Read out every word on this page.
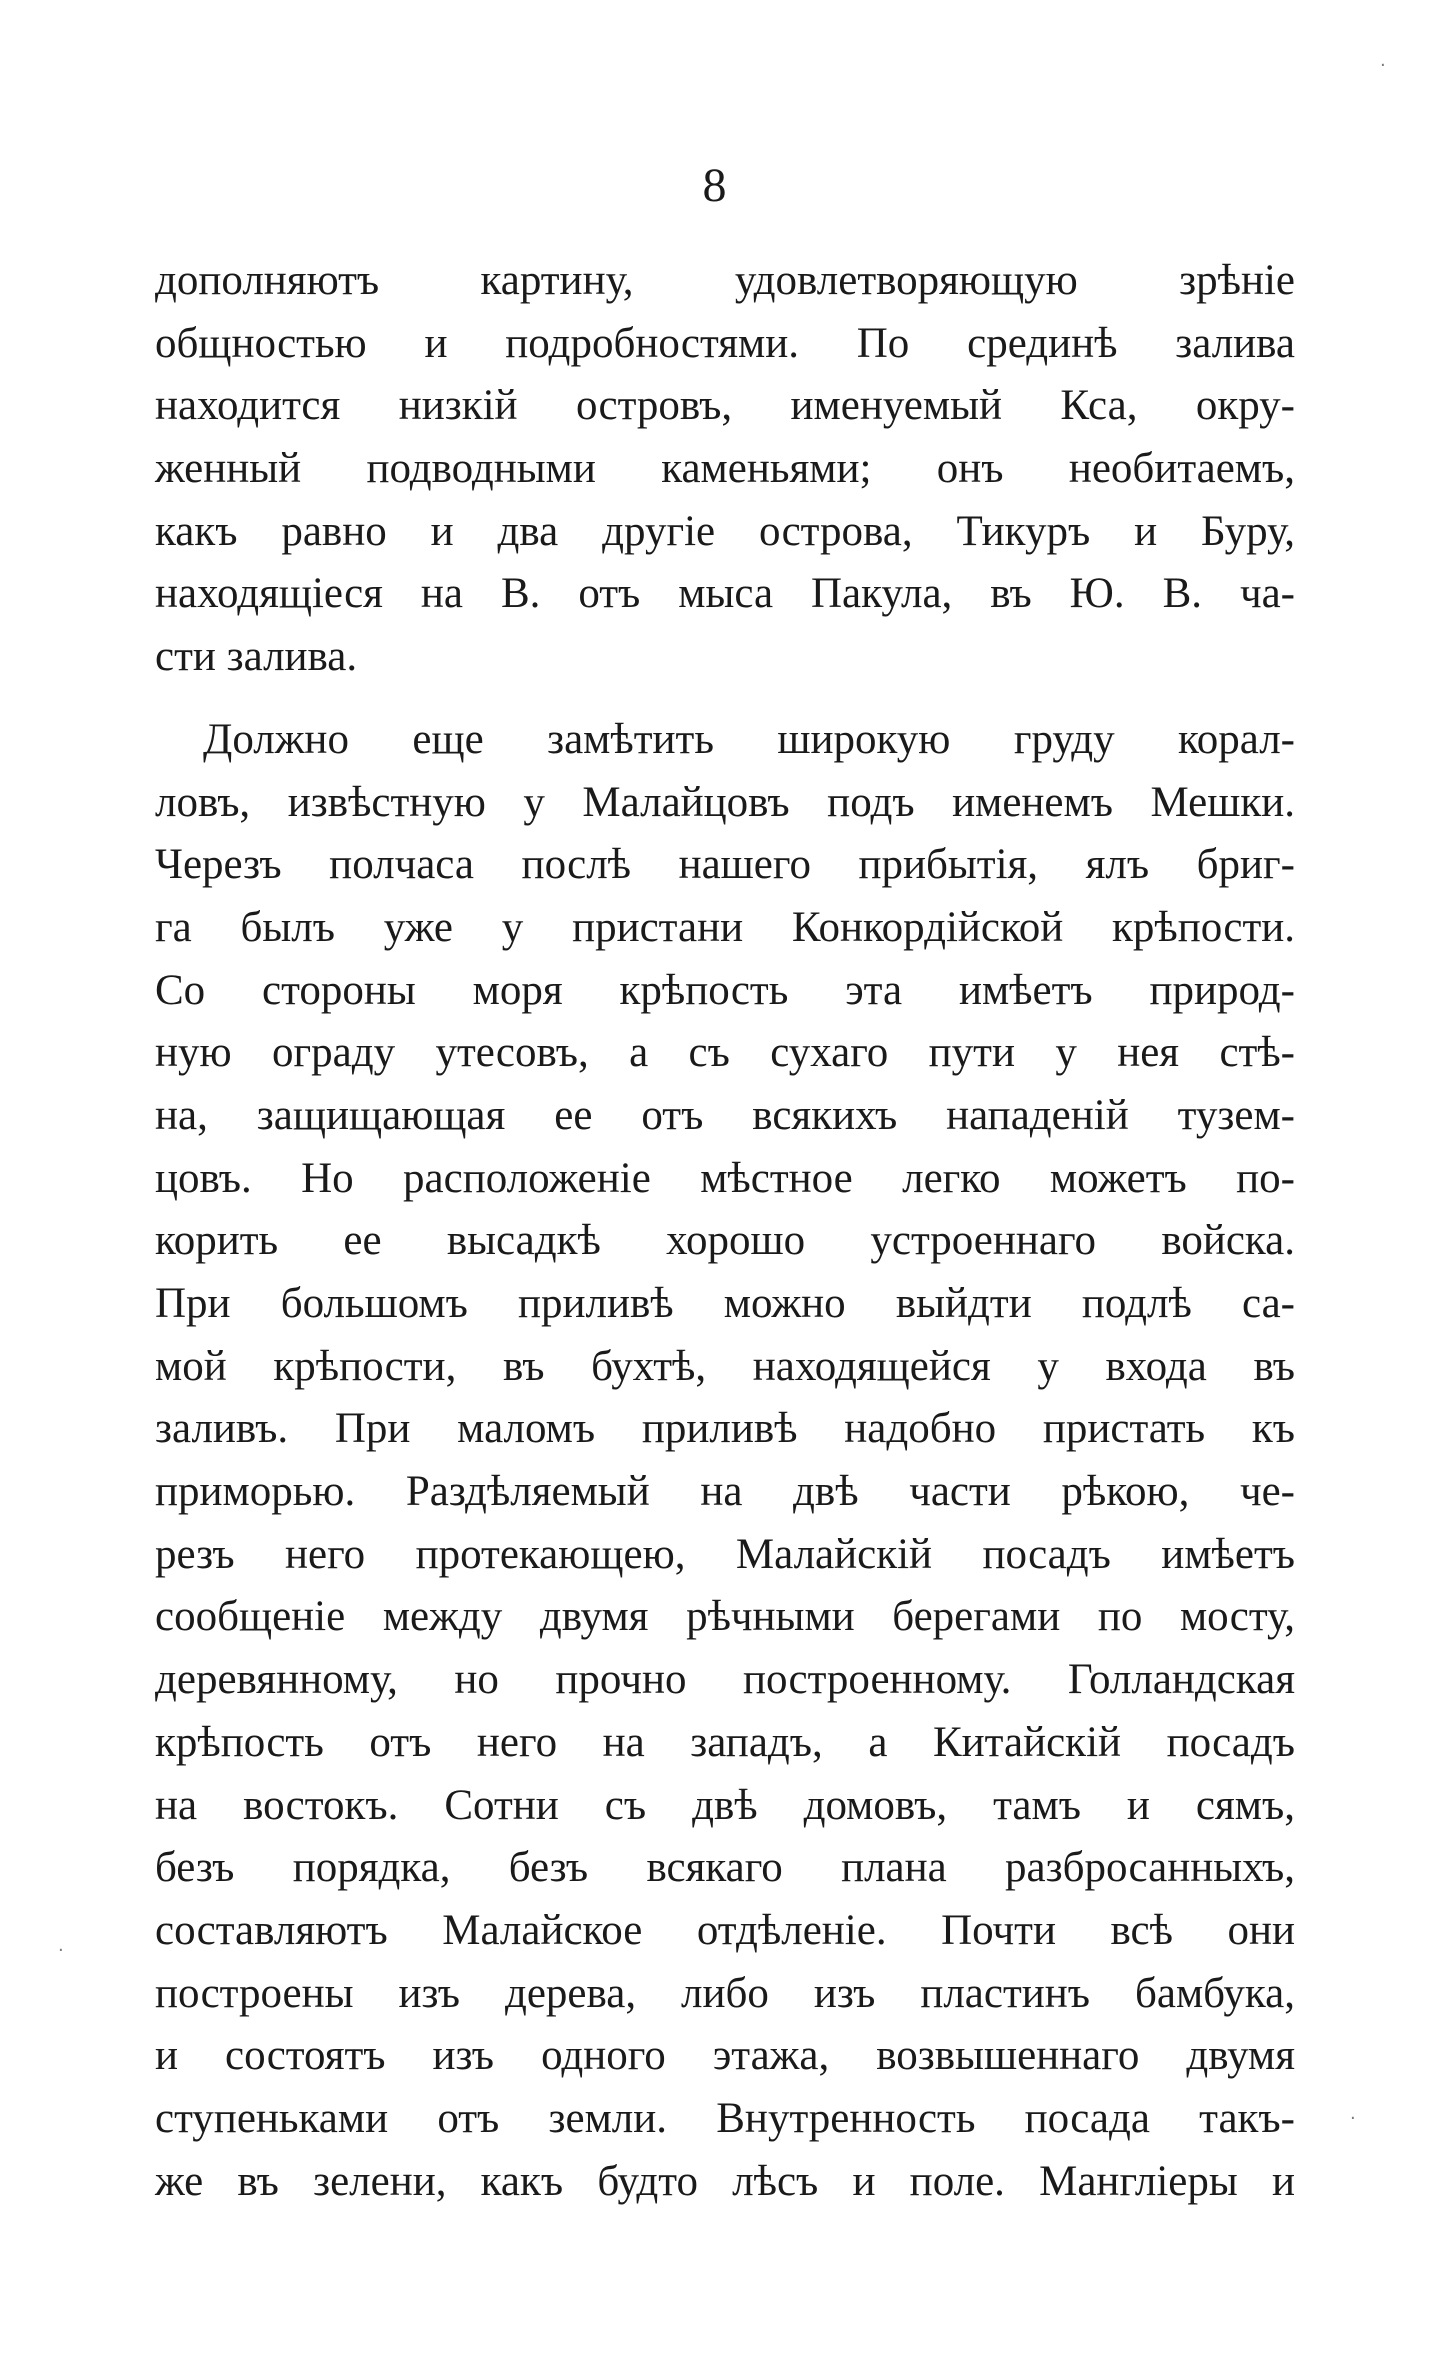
8
дополняютъ картину, удовлетворяющую зрѣніе
общностью и подробностями. По срединѣ залива
находится низкій островъ, именуемый Кса, окру-
женный подводными каменьями; онъ необитаемъ,
какъ равно и два другіе острова, Тикуръ и Буру,
находящіеся на В. отъ мыса Пакула, въ Ю. В. ча-
сти залива.
Должно еще замѣтить широкую груду корал-
ловъ, извѣстную у Малайцовъ подъ именемъ Мешки.
Черезъ полчаса послѣ нашего прибытія, ялъ бриг-
га былъ уже у пристани Конкордійской крѣпости.
Со стороны моря крѣпость эта имѣетъ природ-
ную ограду утесовъ, а съ сухаго пути у нея стѣ-
на, защищающая ее отъ всякихъ нападеній тузем-
цовъ. Но расположеніе мѣстное легко можетъ по-
корить ее высадкѣ хорошо устроеннаго войска.
При большомъ приливѣ можно выйдти подлѣ са-
мой крѣпости, въ бухтѣ, находящейся у входа въ
заливъ. При маломъ приливѣ надобно пристать къ
приморью. Раздѣляемый на двѣ части рѣкою, че-
резъ него протекающею, Малайскій посадъ имѣетъ
сообщеніе между двумя рѣчными берегами по мосту,
деревянному, но прочно построенному. Голландская
крѣпость отъ него на западъ, а Китайскій посадъ
на востокъ. Сотни съ двѣ домовъ, тамъ и сямъ,
безъ порядка, безъ всякаго плана разбросанныхъ,
составляютъ Малайское отдѣленіе. Почти всѣ они
построены изъ дерева, либо изъ пластинъ бамбука,
и состоятъ изъ одного этажа, возвышеннаго двумя
ступеньками отъ земли. Внутренность посада такъ-
же въ зелени, какъ будто лѣсъ и поле. Мангліеры и
·
·
·
